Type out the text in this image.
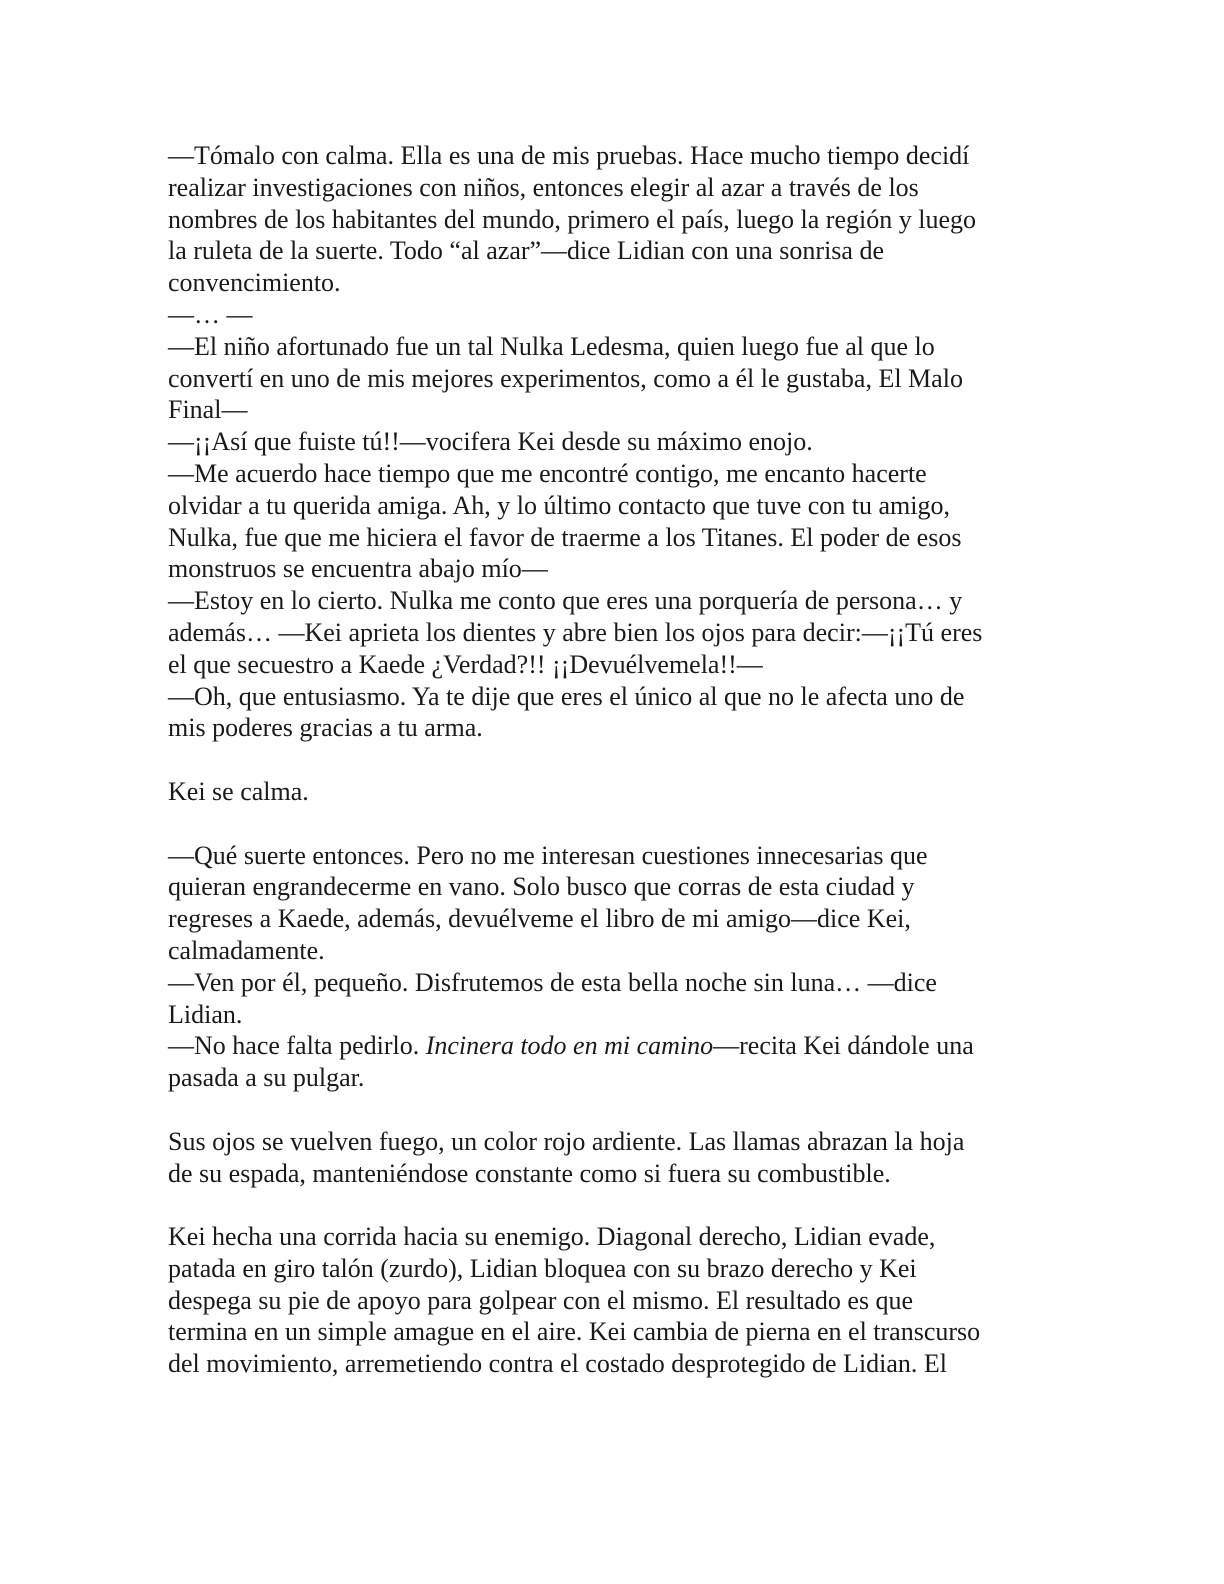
—Tómalo con calma. Ella es una de mis pruebas. Hace mucho tiempo decidí
realizar investigaciones con niños, entonces elegir al azar a través de los
nombres de los habitantes del mundo, primero el país, luego la región y luego
la ruleta de la suerte. Todo “al azar”—dice Lidian con una sonrisa de
convencimiento.
—… —
—El niño afortunado fue un tal Nulka Ledesma, quien luego fue al que lo
convertí en uno de mis mejores experimentos, como a él le gustaba, El Malo
Final—
—¡¡Así que fuiste tú!!—vocifera Kei desde su máximo enojo.
—Me acuerdo hace tiempo que me encontré contigo, me encanto hacerte
olvidar a tu querida amiga. Ah, y lo último contacto que tuve con tu amigo,
Nulka, fue que me hiciera el favor de traerme a los Titanes. El poder de esos
monstruos se encuentra abajo mío—
—Estoy en lo cierto. Nulka me conto que eres una porquería de persona… y
además… —Kei aprieta los dientes y abre bien los ojos para decir:—¡¡Tú eres
el que secuestro a Kaede ¿Verdad?!! ¡¡Devuélvemela!!—
—Oh, que entusiasmo. Ya te dije que eres el único al que no le afecta uno de
mis poderes gracias a tu arma.
Kei se calma.
—Qué suerte entonces. Pero no me interesan cuestiones innecesarias que
quieran engrandecerme en vano. Solo busco que corras de esta ciudad y
regreses a Kaede, además, devuélveme el libro de mi amigo—dice Kei,
calmadamente.
—Ven por él, pequeño. Disfrutemos de esta bella noche sin luna… —dice
Lidian.
—No hace falta pedirlo. Incinera todo en mi camino—recita Kei dándole una
pasada a su pulgar.
Sus ojos se vuelven fuego, un color rojo ardiente. Las llamas abrazan la hoja
de su espada, manteniéndose constante como si fuera su combustible.
Kei hecha una corrida hacia su enemigo. Diagonal derecho, Lidian evade,
patada en giro talón (zurdo), Lidian bloquea con su brazo derecho y Kei
despega su pie de apoyo para golpear con el mismo. El resultado es que
termina en un simple amague en el aire. Kei cambia de pierna en el transcurso
del movimiento, arremetiendo contra el costado desprotegido de Lidian. El
